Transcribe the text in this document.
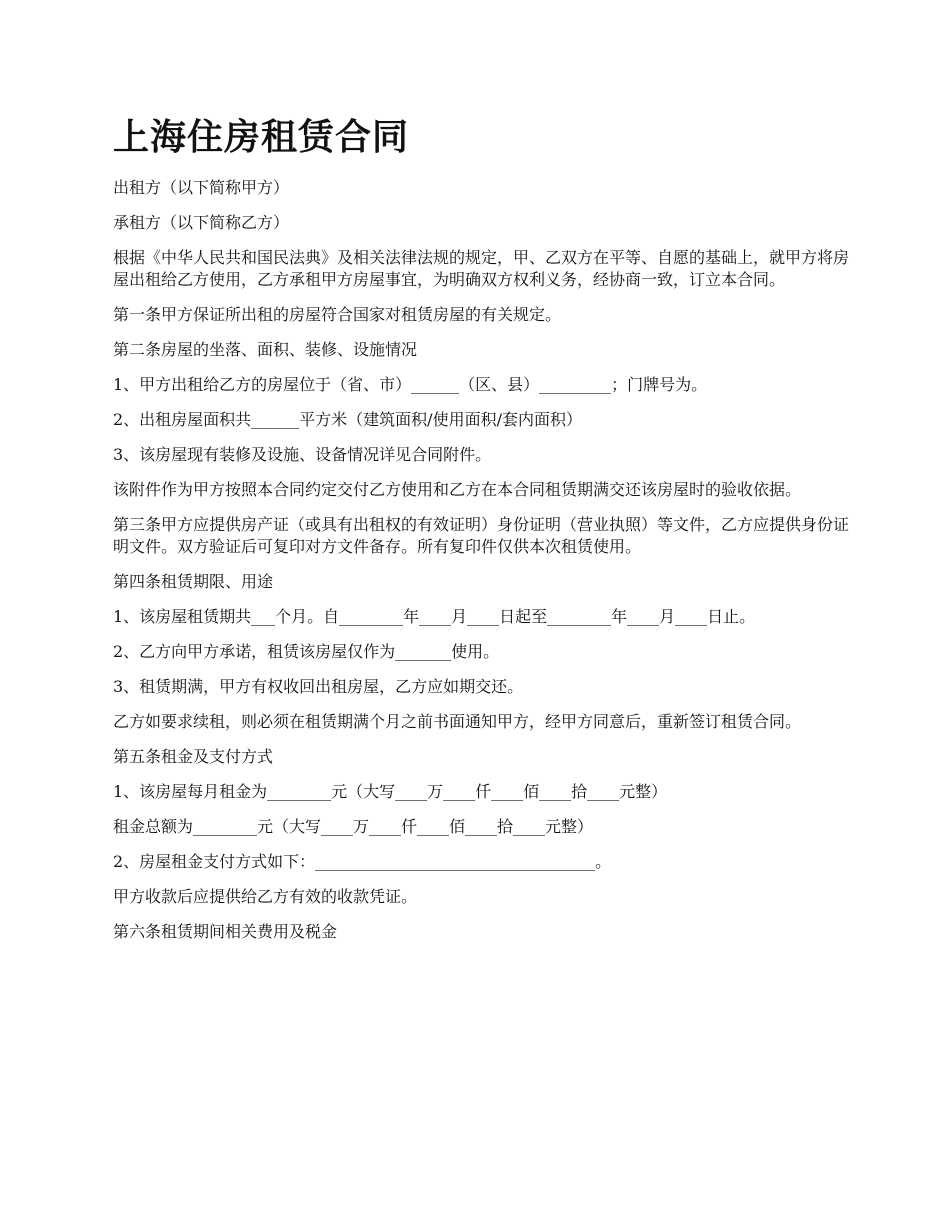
上海住房租赁合同

出租方（以下简称甲方）

承租方（以下简称乙方）

根据《中华人民共和国民法典》及相关法律法规的规定，甲、乙双方在平等、自愿的基础上，就甲方将房屋出租给乙方使用，乙方承租甲方房屋事宜，为明确双方权利义务，经协商一致，订立本合同。

第一条甲方保证所出租的房屋符合国家对租赁房屋的有关规定。

第二条房屋的坐落、面积、装修、设施情况

1、甲方出租给乙方的房屋位于（省、市）______（区、县）_________；门牌号为。

2、出租房屋面积共______平方米（建筑面积/使用面积/套内面积）

3、该房屋现有装修及设施、设备情况详见合同附件。

该附件作为甲方按照本合同约定交付乙方使用和乙方在本合同租赁期满交还该房屋时的验收依据。

第三条甲方应提供房产证（或具有出租权的有效证明）身份证明（营业执照）等文件，乙方应提供身份证明文件。双方验证后可复印对方文件备存。所有复印件仅供本次租赁使用。

第四条租赁期限、用途

1、该房屋租赁期共___个月。自________年____月____日起至________年____月____日止。

2、乙方向甲方承诺，租赁该房屋仅作为_______使用。

3、租赁期满，甲方有权收回出租房屋，乙方应如期交还。

乙方如要求续租，则必须在租赁期满个月之前书面通知甲方，经甲方同意后，重新签订租赁合同。

第五条租金及支付方式

1、该房屋每月租金为________元（大写____万____仟____佰____拾____元整）

租金总额为________元（大写____万____仟____佰____拾____元整）

2、房屋租金支付方式如下：___________________________________。

甲方收款后应提供给乙方有效的收款凭证。

第六条租赁期间相关费用及税金
